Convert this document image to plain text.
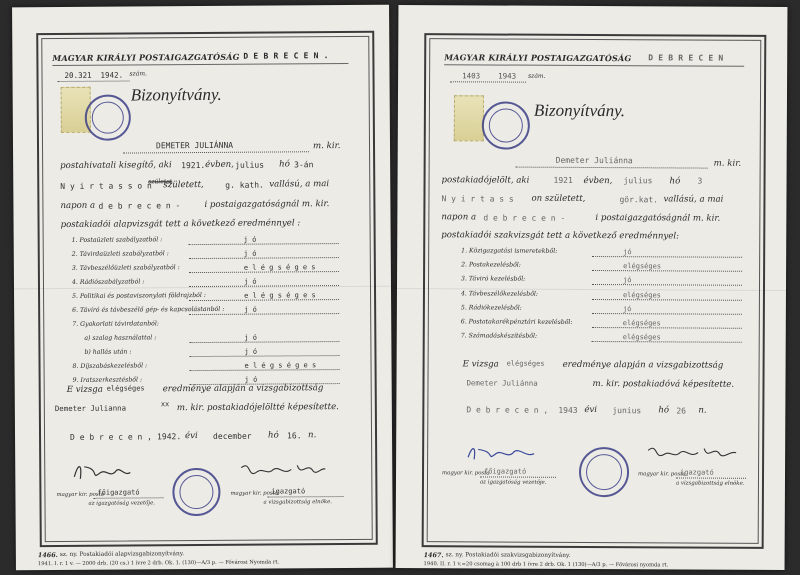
MAGYAR KIRÁLYI POSTAIGAZGATÓSÁG D E B R E C E N .
20.321 1942. szám.
Bizonyítvány.
DEMETER JULIÁNNA	m. kir.
postahivatali kisegítő, aki 1921. évben, julius hó 3-án
N y i r t a s s o n
születet
született,	g. kath. vallású, a mai
napon a d e b r e c e n -	i postaigazgatóságnál m. kir.
postakiadói alapvizsgát tett a következő eredménnyel :
1. Postaüzleti szabályzatból :	j ó
2. Távirdaüzleti szabályzatból :	j ó
3. Távbeszélőüzleti szabályzatból :	e l é g s é g e s
4. Rádiószabályzatból :	j ó
5. Politikai és postaviszonylati földrajzból :	e l é g s é g e s
6. Távíró és távbeszélő gép- és kapcsolástanból :	j ó
7. Gyakorlati távirdatanból:
a) szalag használattal :	j ó
b) hallás után :	j ó
8. Díjszabáskezelésből :	e l é g s é g e s
9. Iratszerkesztésből :	j ó
E vizsga elégséges eredménye alapján a vizsgabizottság
Demeter Julianna	xx m. kir. postakiadójelöltté képesítette.
D e b r e c e n , 1942. évi december hó 16. n.
magyar kir. posta
főigazgató
az igazgatóság vezetője.
magyar kir. posta
igazgató
a vizsgabizottság elnöke.
1466. sz. ny. Postakiadói alapvizsgabizonyítvány.
1941. I. r. 1 v. — 2000 drb. (20 cs.) 1 ívre 2 drb. Ok. 1. (130)—A/3 p. — Fővárosi Nyomda rt.
MAGYAR KIRÁLYI POSTAIGAZGATÓSÁG D E B R E C E N
1403 1943 szám.
Bizonyítvány.
Demeter Juliánna	m. kir.
postakiadójelölt, aki	1921 évben, julius hó 3
N y i r t a s s on született,	gör.kat. vallású, a mai
napon a d e b r e c e n -	i postaigazgatóságnál m. kir.
postakiadói szakvizsgát tett a következő eredménnyel:
1. Közigazgatási ismeretekből:	jó
2. Postakezelésből:	elégséges
3. Táviró kezelésből:	jó
4. Távbeszélőkezelésből:	elégséges
5. Rádiókezelésből:	jó
6. Postatakarékpénztári kezelésből:	elégséges
7. Számadáskészítésből:	elégséges
E vizsga elégséges eredménye alapján a vizsgabizottság
Demeter Juliánna	m. kir. postakiadóvá képesítette.
D e b r e c e n , 1943 évi junius hó 26 n.
magyar kir. posta
főigazgató
az igazgatóság vezetője.
magyar kir. posta
igazgató
a vizsgabizottság elnöke.
1467. sz. ny. Postakiadói szakvizsgabizonyítvány.
1940. II. r. 1 v.=20 csomag à 100 drb 1 ívre 2 drb. Ok. 1 (130)—A/3 p. — Fővárosi nyomda rt.
